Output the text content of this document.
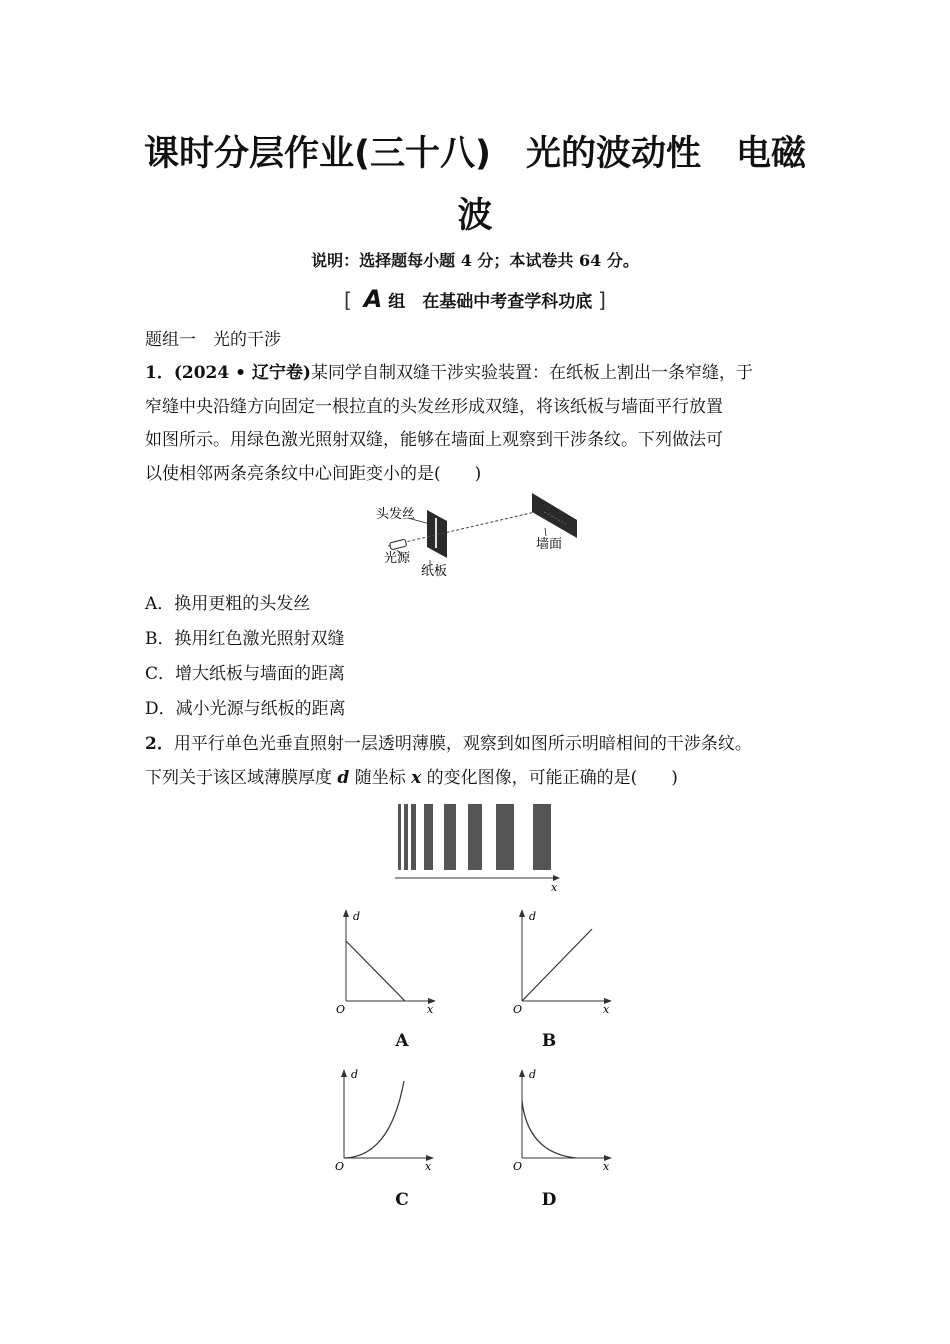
课时分层作业(三十八)　光的波动性　电磁
波
说明：选择题每小题 4 分；本试卷共 64 分。
[ A 组　在基础中考查学科功底 ]
题组一　光的干涉
1．(2024 • 辽宁卷)某同学自制双缝干涉实验装置：在纸板上割出一条窄缝，于
窄缝中央沿缝方向固定一根拉直的头发丝形成双缝，将该纸板与墙面平行放置
如图所示。用绿色激光照射双缝，能够在墙面上观察到干涉条纹。下列做法可
以使相邻两条亮条纹中心间距变小的是(　　)
头发丝
光源
纸板
墙面
A．换用更粗的头发丝
B．换用红色激光照射双缝
C．增大纸板与墙面的距离
D．减小光源与纸板的距离
2．用平行单色光垂直照射一层透明薄膜，观察到如图所示明暗相间的干涉条纹。
下列关于该区域薄膜厚度 d 随坐标 x 的变化图像，可能正确的是(　　)
x
d
x
O
A
d
x
O
B
d
x
O
C
d
x
O
D
